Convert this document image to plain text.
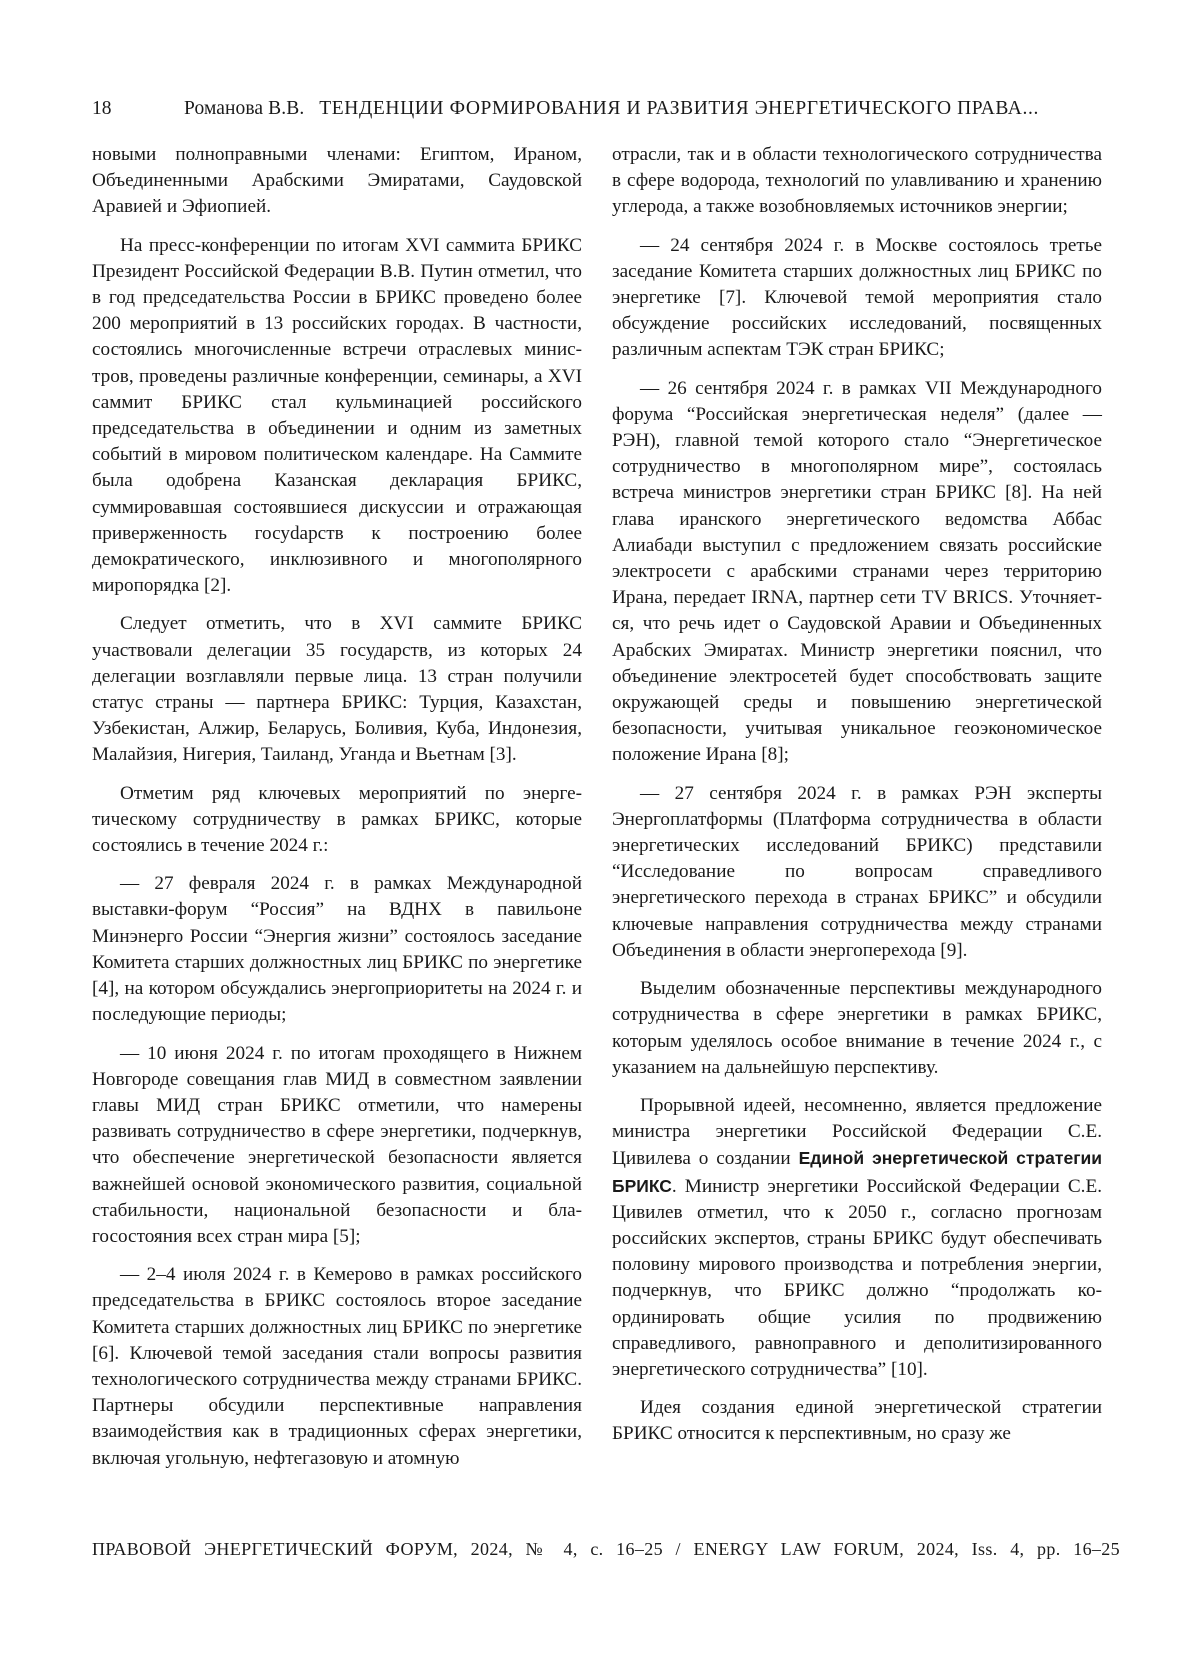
18	Романова В.В. ТЕНДЕНЦИИ ФОРМИРОВАНИЯ И РАЗВИТИЯ ЭНЕРГЕТИЧЕСКОГО ПРАВА...

новыми полноправными членами: Египтом, Ираном, Объединенными Арабскими Эмиратами, Саудовской Аравией и Эфиопией.

На пресс-конференции по итогам XVI саммита БРИКС Президент Российской Федерации В.В. Путин отметил, что в год председательства России в БРИКС проведено более 200 мероприятий в 13 российских городах. В частности, состоялись многочисленные встречи отраслевых министров, проведены различные конференции, семинары, а XVI саммит БРИКС стал кульминацией российского председательства в объединении и одним из заметных событий в мировом политическом календаре. На Саммите была одобрена Казанская декларация БРИКС, суммировавшая состоявшиеся дискуссии и отражающая приверженность госуdарств к построению более демократического, инклюзивного и многополярного миропорядка [2].

Следует отметить, что в XVI саммите БРИКС участвовали делегации 35 государств, из которых 24 делегации возглавляли первые лица. 13 стран получили статус страны — партнера БРИКС: Турция, Казахстан, Узбекистан, Алжир, Беларусь, Боливия, Куба, Индонезия, Малайзия, Нигерия, Таиланд, Уганда и Вьетнам [3].

Отметим ряд ключевых мероприятий по энергетическому сотрудничеству в рамках БРИКС, которые состоялись в течение 2024 г.:

— 27 февраля 2024 г. в рамках Международной выставки-форум “Россия” на ВДНХ в павильоне Минэнерго России “Энергия жизни” состоялось заседание Комитета старших должностных лиц БРИКС по энергетике [4], на котором обсуждались энергоприоритеты на 2024 г. и последующие периоды;

— 10 июня 2024 г. по итогам проходящего в Нижнем Новгороде совещания глав МИД в совместном заявлении главы МИД стран БРИКС отметили, что намерены развивать сотрудничество в сфере энергетики, подчеркнув, что обеспечение энергетической безопасности является важнейшей основой экономического развития, социальной стабильности, национальной безопасности и благосостояния всех стран мира [5];

— 2–4 июля 2024 г. в Кемерово в рамках российского председательства в БРИКС состоялось второе заседание Комитета старших должностных лиц БРИКС по энергетике [6]. Ключевой темой заседания стали вопросы развития технологического сотрудничества между странами БРИКС. Партнеры обсудили перспективные направления взаимодействия как в традиционных сферах энергетики, включая угольную, нефтегазовую и атомную

отрасли, так и в области технологического сотрудничества в сфере водорода, технологий по улавливанию и хранению углерода, а также возобновляемых источников энергии;

— 24 сентября 2024 г. в Москве состоялось третье заседание Комитета старших должностных лиц БРИКС по энергетике [7]. Ключевой темой мероприятия стало обсуждение российских исследований, посвященных различным аспектам ТЭК стран БРИКС;

— 26 сентября 2024 г. в рамках VII Международного форума “Российская энергетическая неделя” (далее — РЭН), главной темой которого стало “Энергетическое сотрудничество в многополярном мире”, состоялась встреча министров энергетики стран БРИКС [8]. На ней глава иранского энергетического ведомства Аббас Алиабади выступил с предложением связать российские электросети с арабскими странами через территорию Ирана, передает IRNA, партнер сети TV BRICS. Уточняется, что речь идет о Саудовской Аравии и Объединенных Арабских Эмиратах. Министр энергетики пояснил, что объединение электросетей будет способствовать защите окружающей среды и повышению энергетической безопасности, учитывая уникальное геоэкономическое положение Ирана [8];

— 27 сентября 2024 г. в рамках РЭН эксперты Энергоплатформы (Платформа сотрудничества в области энергетических исследований БРИКС) представили “Исследование по вопросам справедливого энергетического перехода в странах БРИКС” и обсудили ключевые направления сотрудничества между странами Объединения в области энергоперехода [9].

Выделим обозначенные перспективы международного сотрудничества в сфере энергетики в рамках БРИКС, которым уделялось особое внимание в течение 2024 г., с указанием на дальнейшую перспективу.

Прорывной идеей, несомненно, является предложение министра энергетики Российской Федерации С.Е. Цивилева о создании Единой энергетической стратегии БРИКС. Министр энергетики Российской Федерации С.Е. Цивилев отметил, что к 2050 г., согласно прогнозам российских экспертов, страны БРИКС будут обеспечивать половину мирового производства и потребления энергии, подчеркнув, что БРИКС должно “продолжать координировать общие усилия по продвижению справедливого, равноправного и деполитизированного энергетического сотрудничества” [10].

Идея создания единой энергетической стратегии БРИКС относится к перспективным, но сразу же

ПРАВОВОЙ ЭНЕРГЕТИЧЕСКИЙ ФОРУМ, 2024, № 4, с. 16–25 / ENERGY LAW FORUM, 2024, Iss. 4, pp. 16–25
